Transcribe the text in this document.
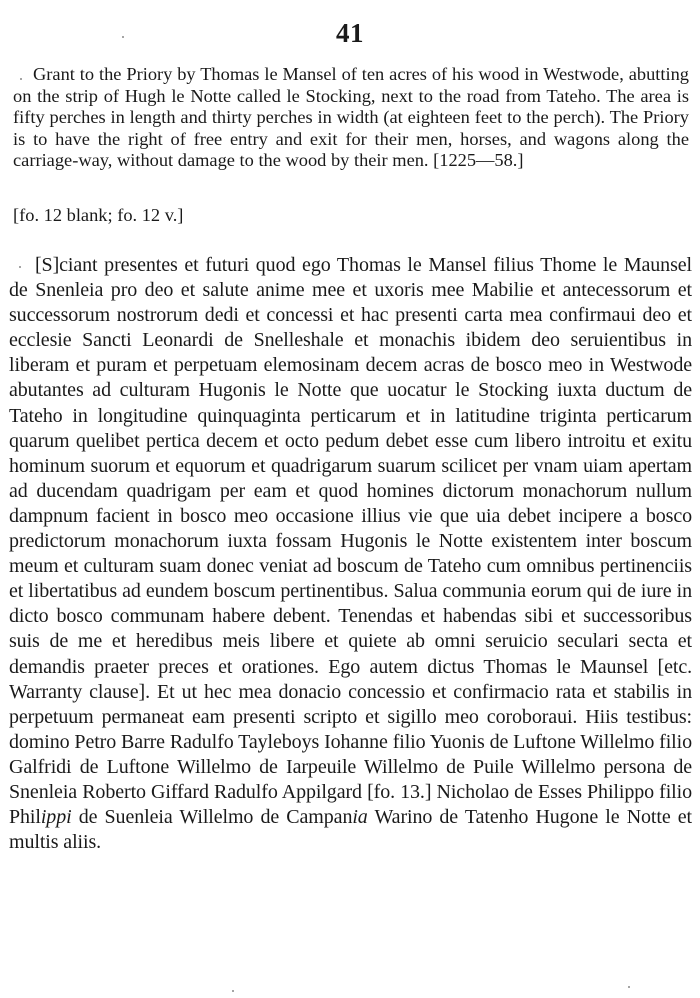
41

Grant to the Priory by Thomas le Mansel of ten acres of his wood in Westwode, abutting on the strip of Hugh le Notte called le Stocking, next to the road from Tateho. The area is fifty perches in length and thirty perches in width (at eighteen feet to the perch). The Priory is to have the right of free entry and exit for their men, horses, and wagons along the carriage-way, without damage to the wood by their men. [1225—58.]

[fo. 12 blank; fo. 12 v.]

[S]ciant presentes et futuri quod ego Thomas le Mansel filius Thome le Maunsel de Snenleia pro deo et salute anime mee et uxoris mee Mabilie et antecessorum et successorum nostrorum dedi et concessi et hac presenti carta mea confirmaui deo et ecclesie Sancti Leonardi de Snelleshale et monachis ibidem deo seruientibus in liberam et puram et perpetuam elemosinam decem acras de bosco meo in Westwode abutantes ad culturam Hugonis le Notte que uocatur le Stocking iuxta ductum de Tateho in longitudine quinquaginta perticarum et in latitudine triginta perticarum quarum quelibet pertica decem et octo pedum debet esse cum libero introitu et exitu hominum suorum et equorum et quadrigarum suarum scilicet per vnam uiam apertam ad ducendam quadrigam per eam et quod homines dictorum monachorum nullum dampnum facient in bosco meo occasione illius vie que uia debet incipere a bosco predictorum monachorum iuxta fossam Hugonis le Notte existentem inter boscum meum et culturam suam donec veniat ad boscum de Tateho cum omnibus pertinenciis et libertatibus ad eundem boscum pertinentibus. Salua communia eorum qui de iure in dicto bosco communam habere debent. Tenendas et habendas sibi et successoribus suis de me et heredibus meis libere et quiete ab omni seruicio seculari secta et demandis praeter preces et orationes. Ego autem dictus Thomas le Maunsel [etc. Warranty clause]. Et ut hec mea donacio concessio et confirmacio rata et stabilis in perpetuum permaneat eam presenti scripto et sigillo meo coroboraui. Hiis testibus: domino Petro Barre Radulfo Tayleboys Iohanne filio Yuonis de Luftone Willelmo filio Galfridi de Luftone Willelmo de Iarpeuile Willelmo de Puile Willelmo persona de Snenleia Roberto Giffard Radulfo Appilgard [fo. 13.] Nicholao de Esses Philippo filio Philippi de Suenleia Willelmo de Campania Warino de Tatenho Hugone le Notte et multis aliis.
